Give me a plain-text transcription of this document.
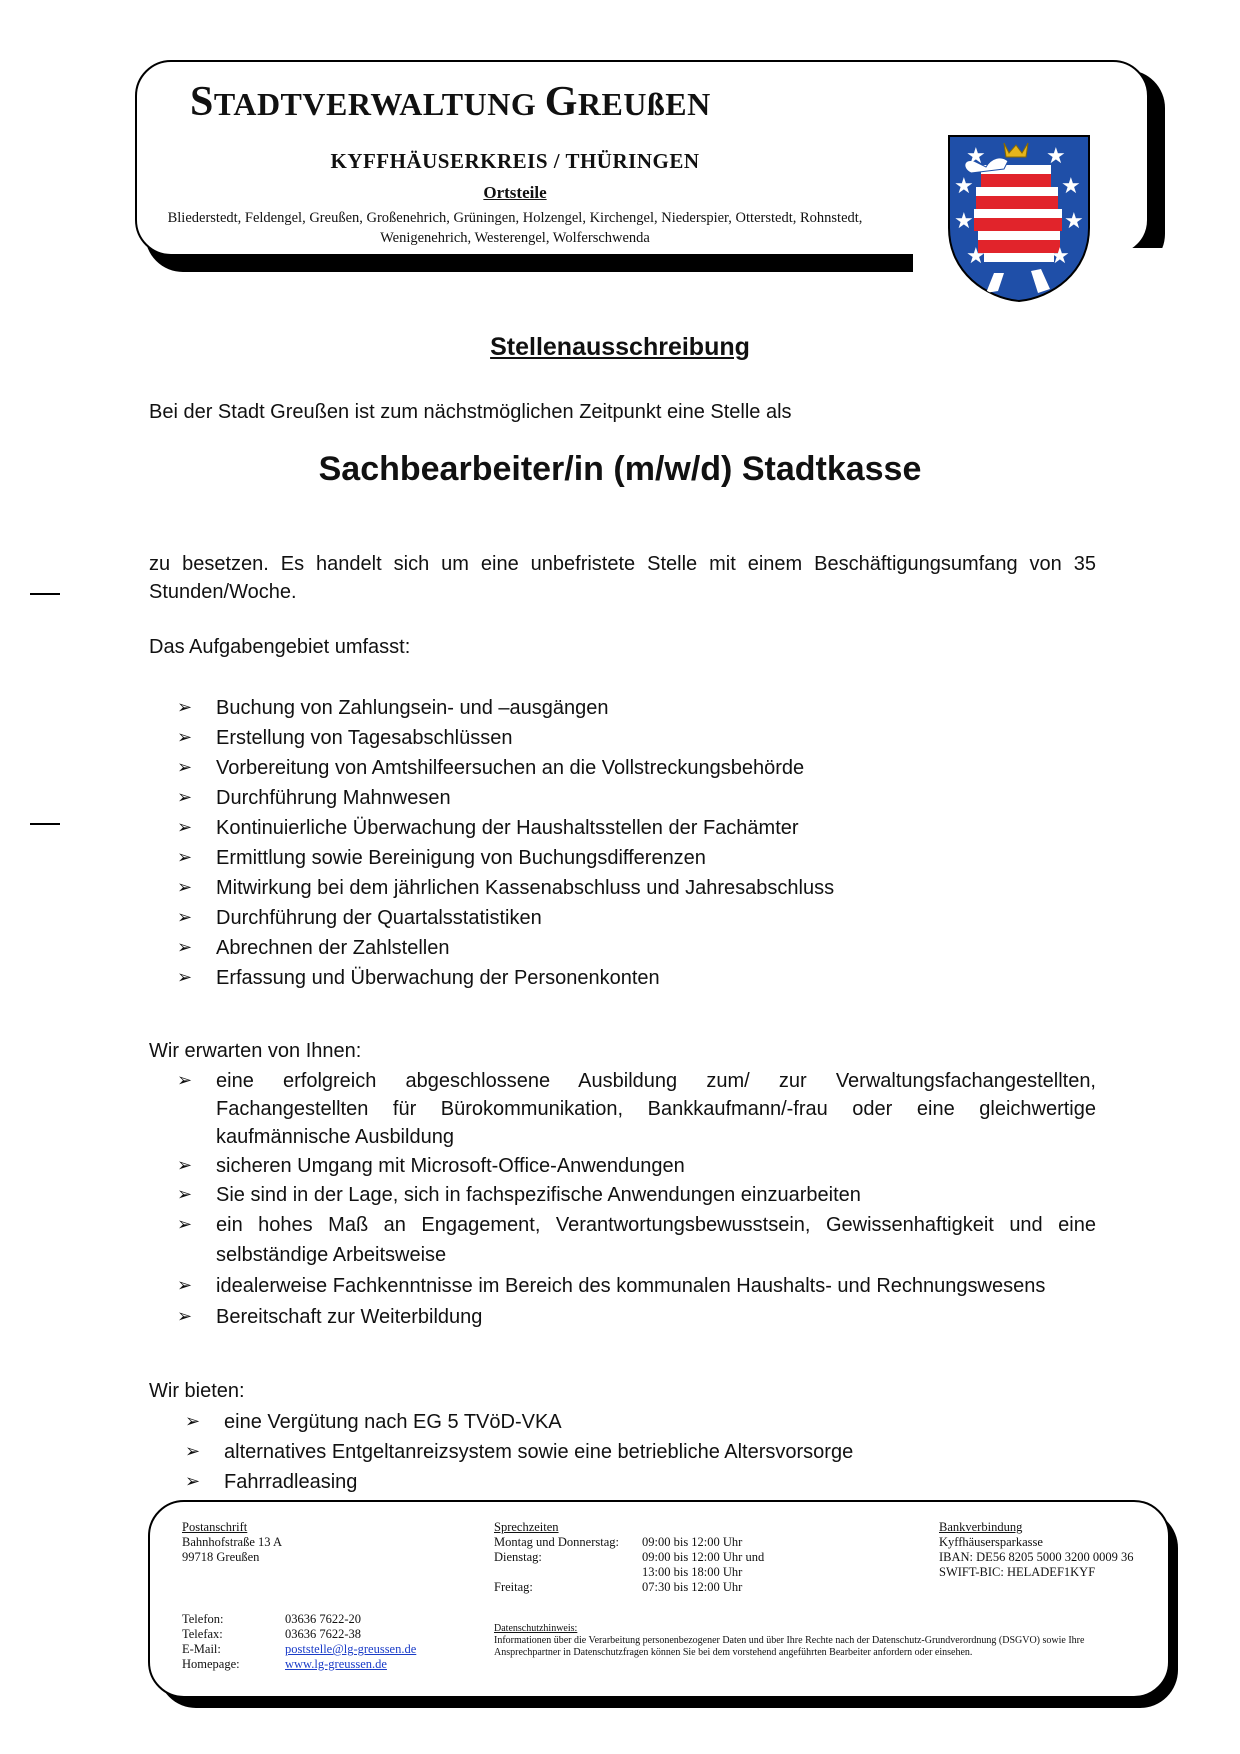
STADTVERWALTUNG GREUßEN
KYFFHÄUSERKREIS / THÜRINGEN
Ortsteile
Bliederstedt, Feldengel, Greußen, Großenehrich, Grüningen, Holzengel, Kirchengel, Niederspier, Otterstedt, Rohnstedt, Wenigenehrich, Westerengel, Wolferschwenda
★	★
★	★
★	★
★	★
Stellenausschreibung
Bei der Stadt Greußen ist zum nächstmöglichen Zeitpunkt eine Stelle als
Sachbearbeiter/in (m/w/d) Stadtkasse
zu besetzen. Es handelt sich um eine unbefristete Stelle mit einem Beschäftigungsumfang von 35 Stunden/Woche.
Das Aufgabengebiet umfasst:
➢ Buchung von Zahlungsein- und –ausgängen
➢ Erstellung von Tagesabschlüssen
➢ Vorbereitung von Amtshilfeersuchen an die Vollstreckungsbehörde
➢ Durchführung Mahnwesen
➢ Kontinuierliche Überwachung der Haushaltsstellen der Fachämter
➢ Ermittlung sowie Bereinigung von Buchungsdifferenzen
➢ Mitwirkung bei dem jährlichen Kassenabschluss und Jahresabschluss
➢ Durchführung der Quartalsstatistiken
➢ Abrechnen der Zahlstellen
➢ Erfassung und Überwachung der Personenkonten
Wir erwarten von Ihnen:
➢ eine erfolgreich abgeschlossene Ausbildung zum/ zur Verwaltungsfachangestellten, Fachangestellten für Bürokommunikation, Bankkaufmann/-frau oder eine gleichwertige kaufmännische Ausbildung
➢ sicheren Umgang mit Microsoft-Office-Anwendungen
➢ Sie sind in der Lage, sich in fachspezifische Anwendungen einzuarbeiten
➢ ein hohes Maß an Engagement, Verantwortungsbewusstsein, Gewissenhaftigkeit und eine selbständige Arbeitsweise
➢ idealerweise Fachkenntnisse im Bereich des kommunalen Haushalts- und Rechnungswesens
➢ Bereitschaft zur Weiterbildung
Wir bieten:
➢ eine Vergütung nach EG 5 TVöD-VKA
➢ alternatives Entgeltanreizsystem sowie eine betriebliche Altersvorsorge
➢ Fahrradleasing
Postanschrift
Bahnhofstraße 13 A
99718 Greußen
Sprechzeiten
Montag und Donnerstag:	09:00 bis 12:00 Uhr
Dienstag:	09:00 bis 12:00 Uhr und
13:00 bis 18:00 Uhr
Freitag:	07:30 bis 12:00 Uhr
Bankverbindung
Kyffhäusersparkasse
IBAN: DE56 8205 5000 3200 0009 36
SWIFT-BIC: HELADEF1KYF
Telefon:	03636 7622-20
Telefax:	03636 7622-38
E-Mail:	poststelle@lg-greussen.de
Homepage:	www.lg-greussen.de
Datenschutzhinweis:
Informationen über die Verarbeitung personenbezogener Daten und über Ihre Rechte nach der Datenschutz-Grundverordnung (DSGVO) sowie Ihre Ansprechpartner in Datenschutzfragen können Sie bei dem vorstehend angeführten Bearbeiter anfordern oder einsehen.
